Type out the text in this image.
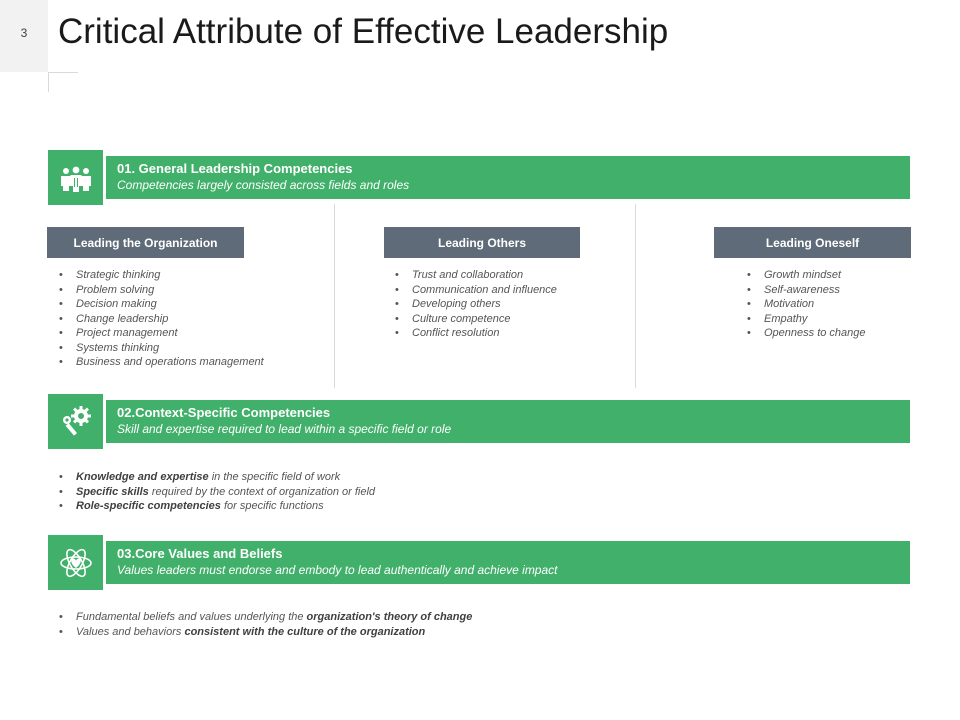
3 Critical Attribute of Effective Leadership
01. General Leadership Competencies
Competencies largely consisted across fields and roles
Leading the Organization	Leading Others	Leading Oneself
• Strategic thinking
• Problem solving
• Decision making
• Change leadership
• Project management
• Systems thinking
• Business and operations management
• Trust and collaboration
• Communication and influence
• Developing others
• Culture competence
• Conflict resolution
• Growth mindset
• Self-awareness
• Motivation
• Empathy
• Openness to change
02.Context-Specific Competencies
Skill and expertise required to lead within a specific field or role
• Knowledge and expertise in the specific field of work
• Specific skills required by the context of organization or field
• Role-specific competencies for specific functions
03.Core Values and Beliefs
Values leaders must endorse and embody to lead authentically and achieve impact
• Fundamental beliefs and values underlying the organization's theory of change
• Values and behaviors consistent with the culture of the organization
